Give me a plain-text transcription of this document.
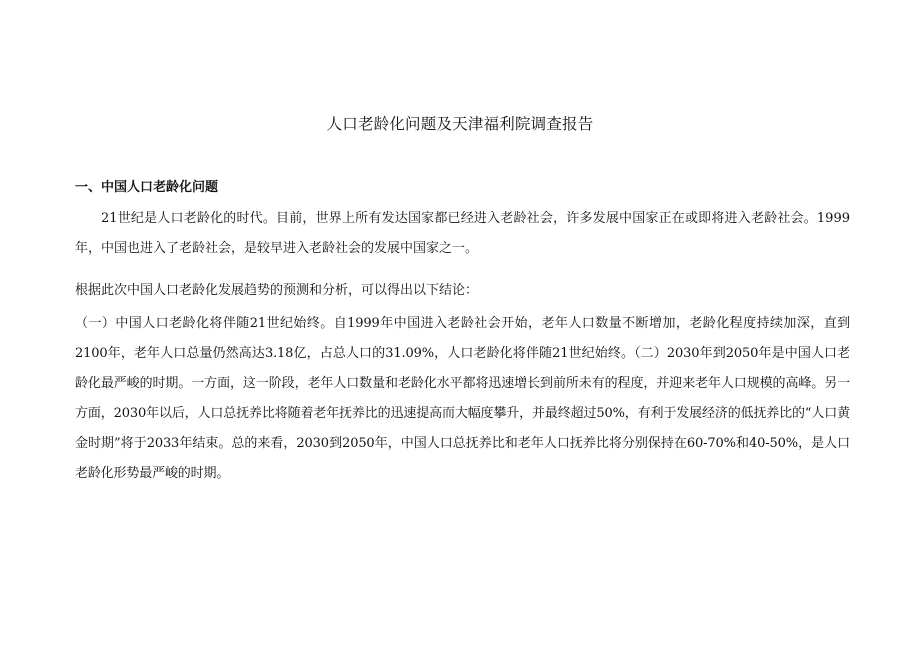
人口老龄化问题及天津福利院调查报告
一、中国人口老龄化问题

21世纪是人口老龄化的时代。目前，世界上所有发达国家都已经进入老龄社会，许多发展中国家正在或即将进入老龄社会。1999年，中国也进入了老龄社会，是较早进入老龄社会的发展中国家之一。

根据此次中国人口老龄化发展趋势的预测和分析，可以得出以下结论：

（一）中国人口老龄化将伴随21世纪始终。自1999年中国进入老龄社会开始，老年人口数量不断增加，老龄化程度持续加深，直到2100年，老年人口总量仍然高达3.18亿，占总人口的31.09%，人口老龄化将伴随21世纪始终。（二）2030年到2050年是中国人口老龄化最严峻的时期。一方面，这一阶段，老年人口数量和老龄化水平都将迅速增长到前所未有的程度，并迎来老年人口规模的高峰。另一方面，2030年以后，人口总抚养比将随着老年抚养比的迅速提高而大幅度攀升，并最终超过50%，有利于发展经济的低抚养比的“人口黄金时期”将于2033年结束。总的来看，2030到2050年，中国人口总抚养比和老年人口抚养比将分别保持在60-70%和40-50%，是人口老龄化形势最严峻的时期。
